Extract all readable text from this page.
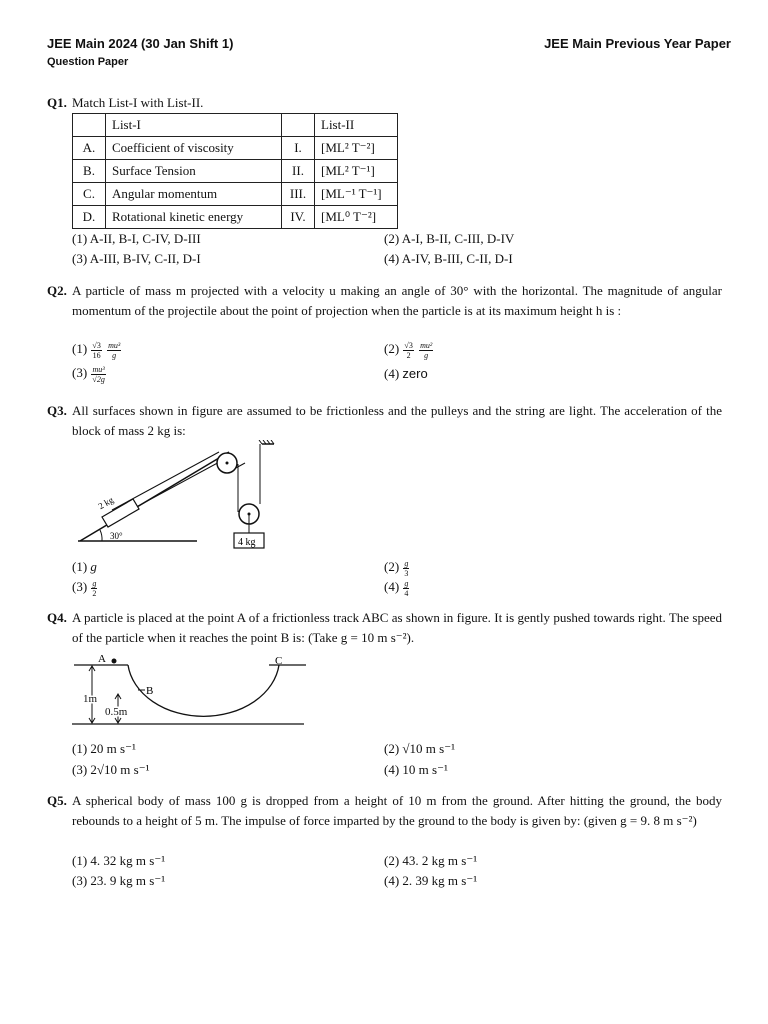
JEE Main 2024 (30 Jan Shift 1)
Question Paper
JEE Main Previous Year Paper
Q1. Match List-I with List-II.
	List-I		List-II
A.	Coefficient of viscosity	I.	[ML² T⁻²]
B.	Surface Tension	II.	[ML² T⁻¹]
C.	Angular momentum	III.	[ML⁻¹ T⁻¹]
D.	Rotational kinetic energy	IV.	[ML⁰ T⁻²]
(1) A-II, B-I, C-IV, D-III	(2) A-I, B-II, C-III, D-IV
(3) A-III, B-IV, C-II, D-I	(4) A-IV, B-III, C-II, D-I
Q2. A particle of mass m projected with a velocity u making an angle of 30° with the horizontal. The magnitude of angular momentum of the projectile about the point of projection when the particle is at its maximum height h is :
$(1) \frac{√3}{16}$
$\frac{\text{mu³}}{g}$	$(2) \frac{√3}{2}$
$\frac{\text{mu²}}{g}$
$(3) \frac{\text{mu³}}{√2g}$	(4) zero
Q3. All surfaces shown in figure are assumed to be frictionless and the pulleys and the string are light. The acceleration of the block of mass 2 kg is:
4 kg
2 kg
30°
(1) g	$(2) \frac{g}{3}$
$(3) \frac{g}{2}$	$(4) \frac{g}{4}$
Q4. A particle is placed at the point A of a frictionless track ABC as shown in figure. It is gently pushed towards right. The speed of the particle when it reaches the point B is: (Take g = 10 m s⁻²).
A	C
B
1m
0.5m
(1) 20 m s⁻¹	(2) √10 m s⁻¹
(3) 2√10 m s⁻¹	(4) 10 m s⁻¹
Q5. A spherical body of mass 100 g is dropped from a height of 10 m from the ground. After hitting the ground, the body rebounds to a height of 5 m. The impulse of force imparted by the ground to the body is given by: (given g = 9. 8 m s⁻²)
(1) 4. 32 kg m s⁻¹	(2) 43. 2 kg m s⁻¹
(3) 23. 9 kg m s⁻¹	(4) 2. 39 kg m s⁻¹
